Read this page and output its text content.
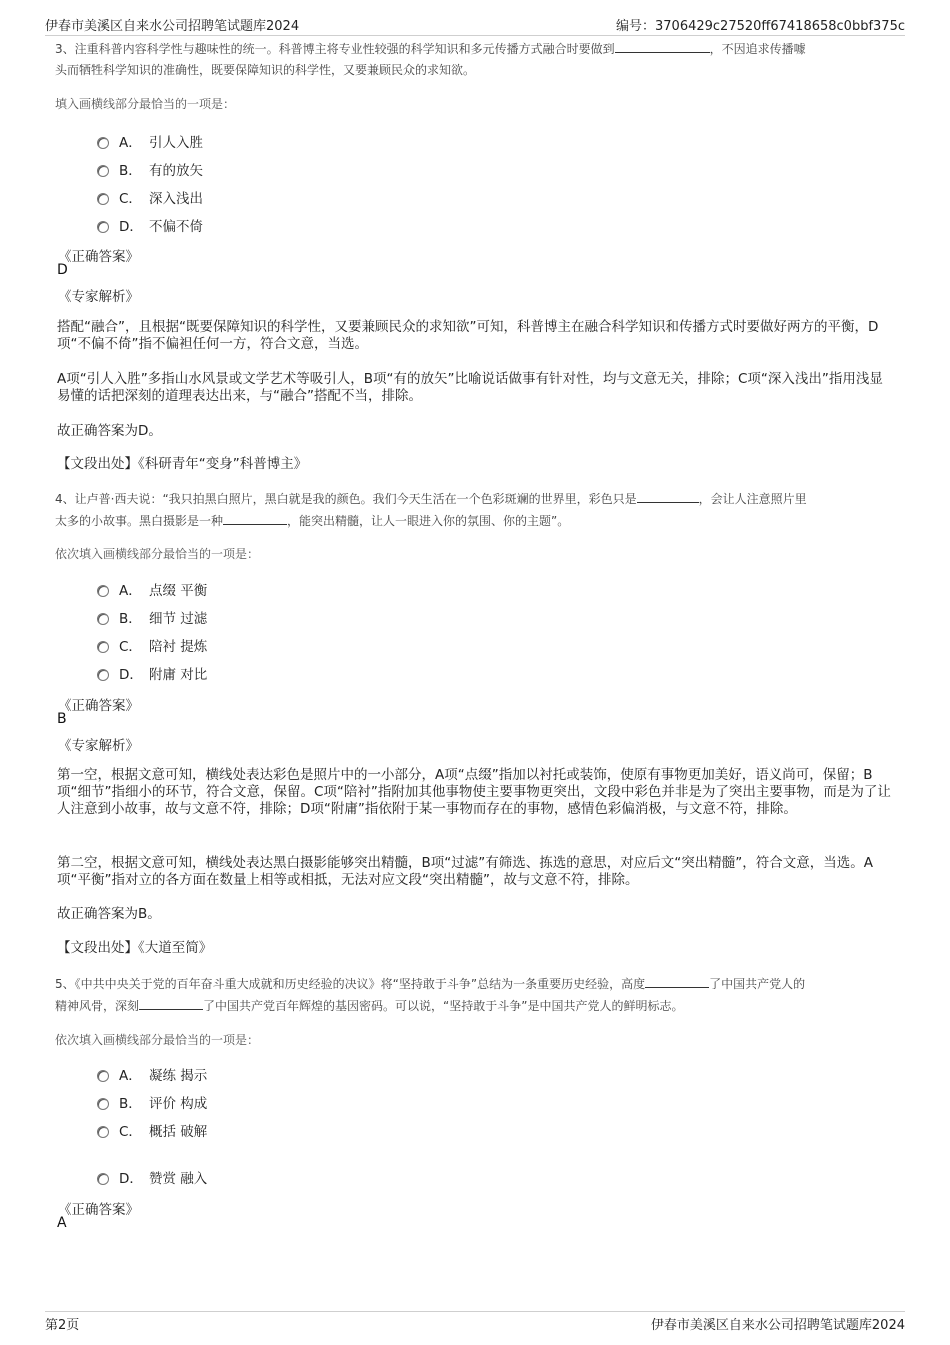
伊春市美溪区自来水公司招聘笔试题库2024	编号：3706429c27520ff67418658c0bbf375c
3、注重科普内容科学性与趣味性的统一。科普博主将专业性较强的科学知识和多元传播方式融合时要做到	，不因追求传播噱
头而牺牲科学知识的准确性，既要保障知识的科学性，又要兼顾民众的求知欲。
填入画横线部分最恰当的一项是：
A． 引人入胜
B． 有的放矢
C． 深入浅出
D． 不偏不倚
《正确答案》
D
《专家解析》
搭配“融合”，且根据“既要保障知识的科学性，又要兼顾民众的求知欲”可知，科普博主在融合科学知识和传播方式时要做好两方的平衡，D项“不偏不倚”指不偏袒任何一方，符合文意，当选。
A项“引人入胜”多指山水风景或文学艺术等吸引人，B项“有的放矢”比喻说话做事有针对性，均与文意无关，排除；C项“深入浅出”指用浅显易懂的话把深刻的道理表达出来，与“融合”搭配不当，排除。
故正确答案为D。
【文段出处】《科研青年“变身”科普博主》
4、让卢普·西夫说：“我只拍黑白照片，黑白就是我的颜色。我们今天生活在一个色彩斑斓的世界里，彩色只是	，会让人注意照片里
太多的小故事。黑白摄影是一种	，能突出精髓，让人一眼进入你的氛围、你的主题”。
依次填入画横线部分最恰当的一项是：
A． 点缀 平衡
B． 细节 过滤
C． 陪衬 提炼
D． 附庸 对比
《正确答案》
B
《专家解析》
第一空，根据文意可知，横线处表达彩色是照片中的一小部分，A项“点缀”指加以衬托或装饰，使原有事物更加美好，语义尚可，保留；B项“细节”指细小的环节，符合文意，保留。C项“陪衬”指附加其他事物使主要事物更突出，文段中彩色并非是为了突出主要事物，而是为了让人注意到小故事，故与文意不符，排除；D项“附庸”指依附于某一事物而存在的事物，感情色彩偏消极，与文意不符，排除。
第二空，根据文意可知，横线处表达黑白摄影能够突出精髓，B项“过滤”有筛选、拣选的意思，对应后文“突出精髓”，符合文意，当选。A项“平衡”指对立的各方面在数量上相等或相抵，无法对应文段“突出精髓”，故与文意不符，排除。
故正确答案为B。
【文段出处】《大道至简》
5、《中共中央关于党的百年奋斗重大成就和历史经验的决议》将“坚持敢于斗争”总结为一条重要历史经验，高度	了中国共产党人的
精神风骨，深刻	了中国共产党百年辉煌的基因密码。可以说，“坚持敢于斗争”是中国共产党人的鲜明标志。
依次填入画横线部分最恰当的一项是：
A． 凝练 揭示
B． 评价 构成
C． 概括 破解
D． 赞赏 融入
《正确答案》
A
第2页	伊春市美溪区自来水公司招聘笔试题库2024
